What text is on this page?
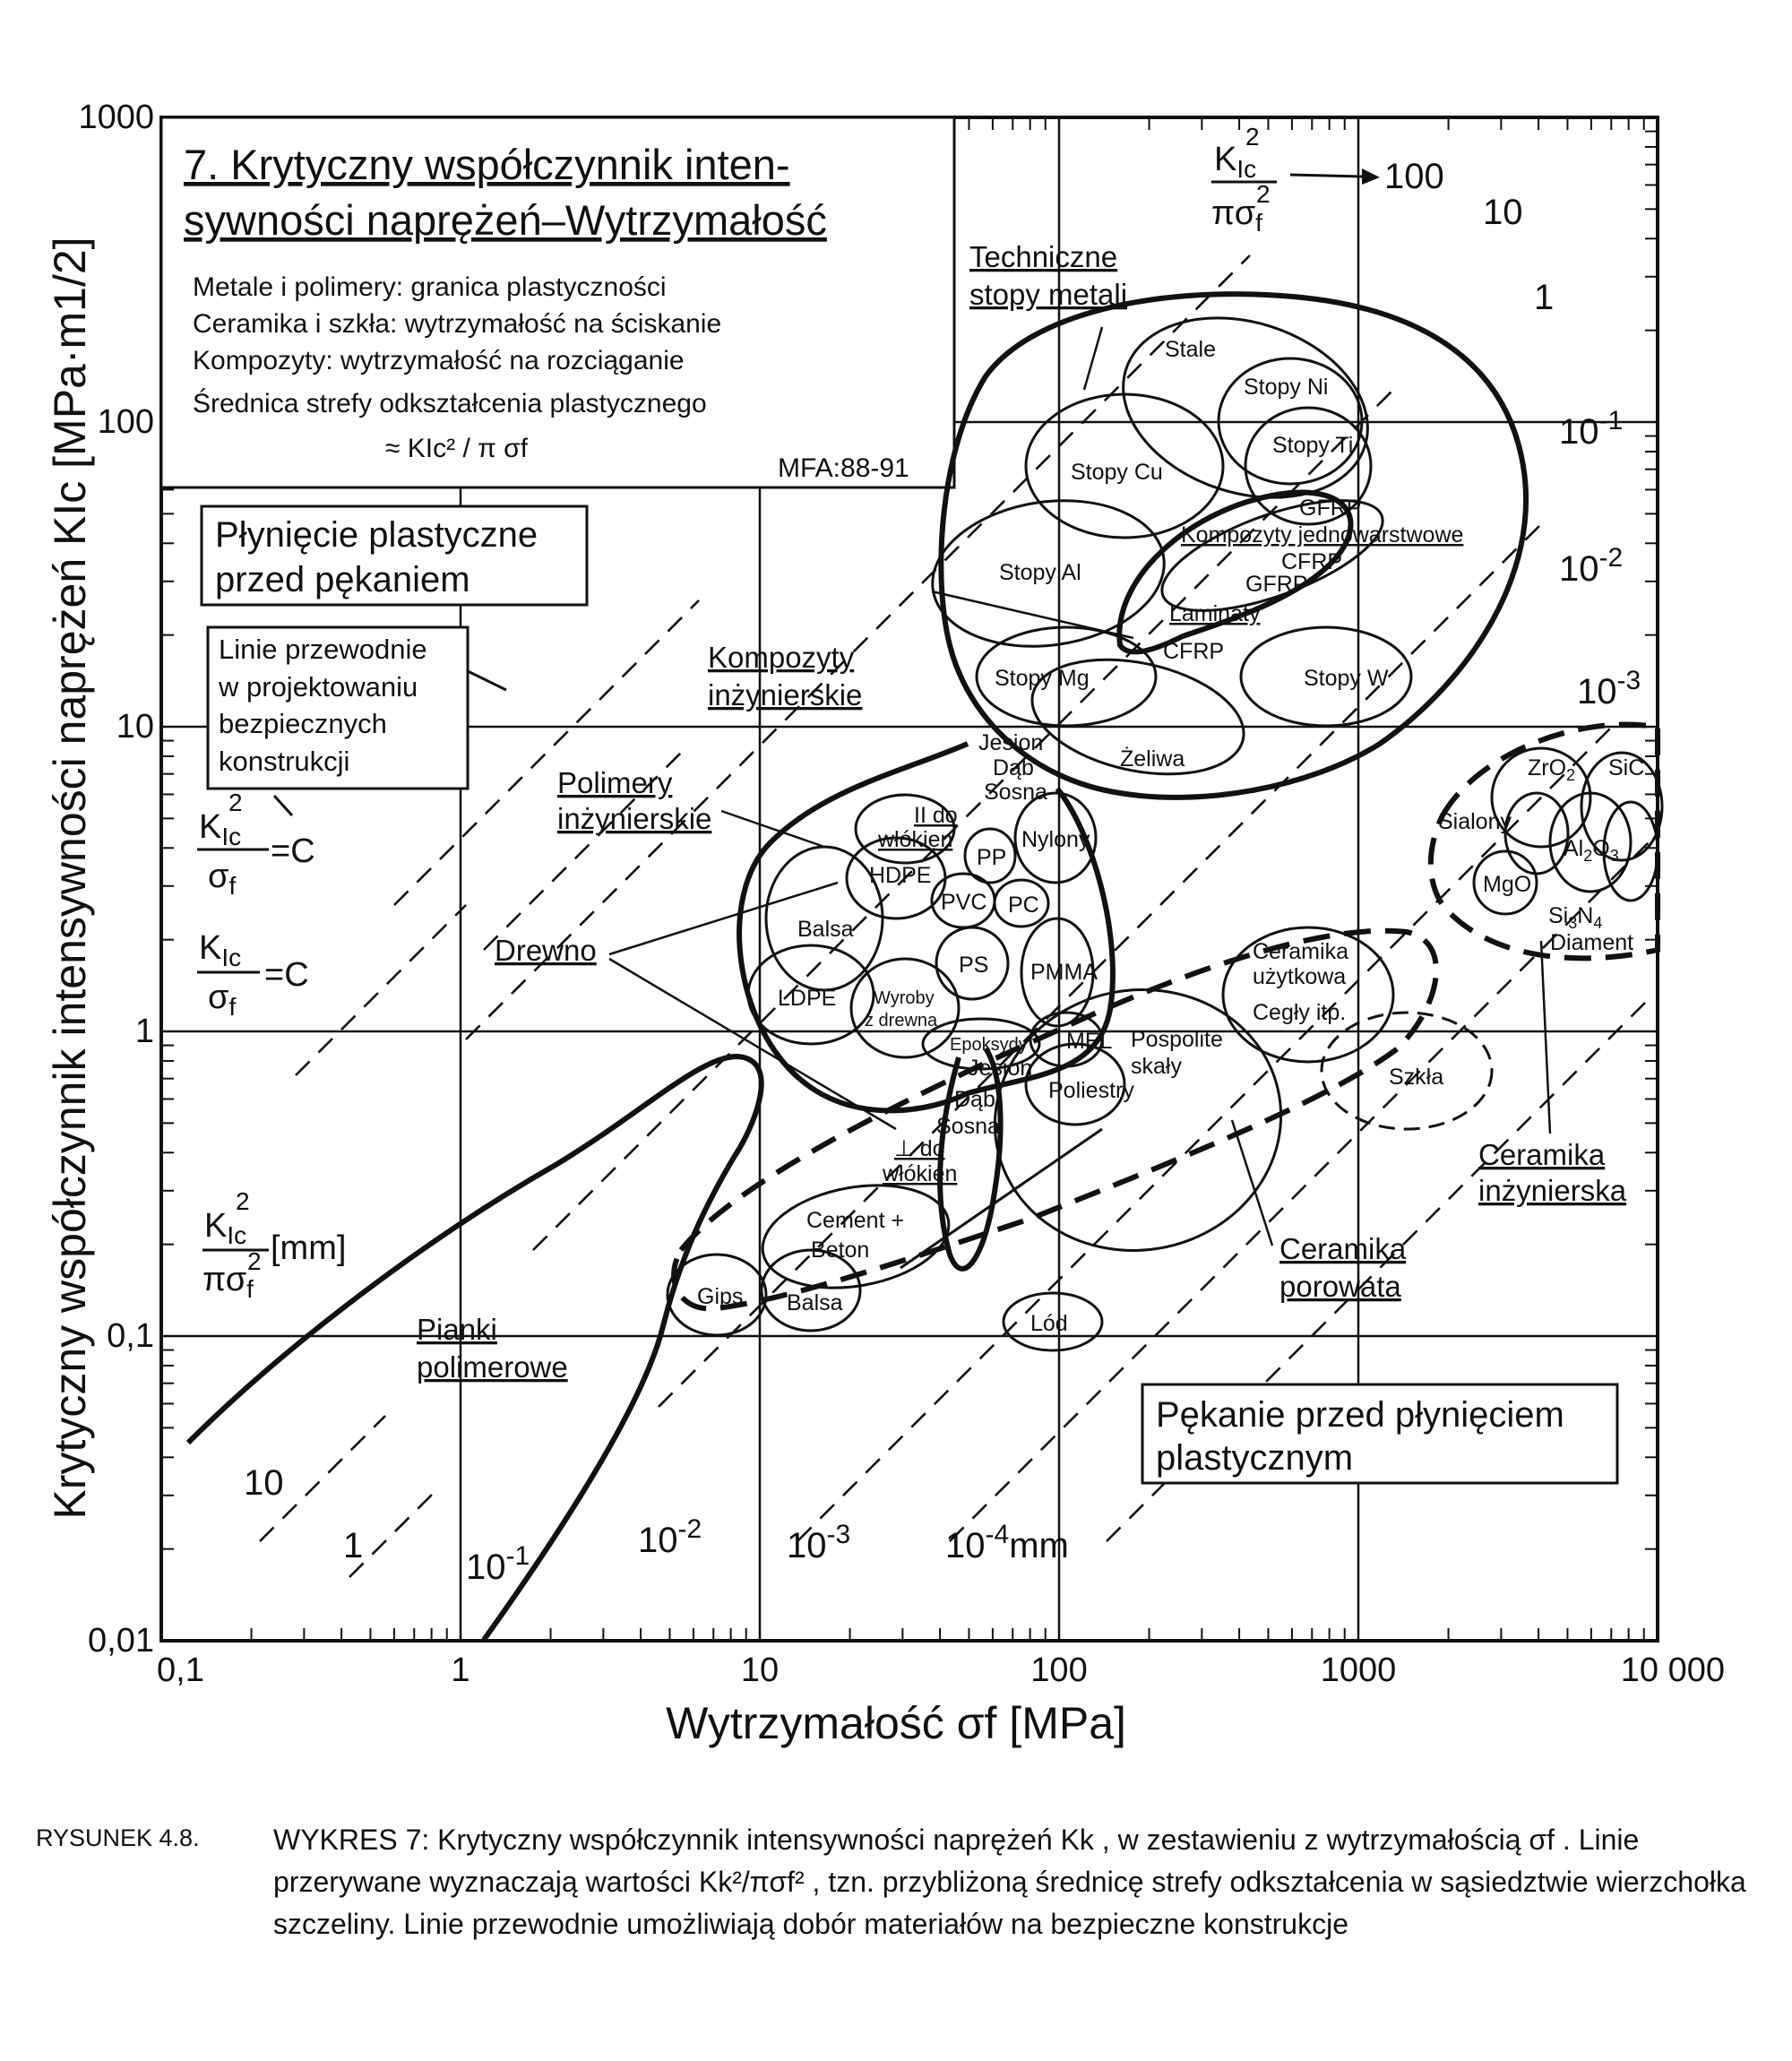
0,1	1	10	100	1000	10 000
0,01
0,1
1
10
100
1000
7. Krytyczny współczynnik inten-
sywności naprężeń–Wytrzymałość
Metale i polimery: granica plastyczności
Ceramika i szkła: wytrzymałość na ściskanie
Kompozyty: wytrzymałość na rozciąganie
Średnica strefy odkształcenia plastycznego
≈ KIc² / π σf
MFA:88-91
Płynięcie plastyczne
przed pękaniem
Linie przewodnie
w projektowaniu
bezpiecznych
konstrukcji
Pękanie przed płynięciem
plastycznym
$K_{Ic}$
2
$\sigma_f$
=C
$K_{Ic}$
$\sigma_f$
=C
$K_{Ic}$
2
$\pi\sigma_f$
2 [mm]
$K_{Ic}$
2
$\pi\sigma_f$
2	100
10
1
$10^{-1}$
$10^{-2}$
$10^{-3}$
10
1
$10^{-1}$	$10^{-2}$ $10^{-3}$	$10^{-4}mm$
Techniczne
stopy metali
Kompozyty
inżynierskie
Polimery
inżynierskie
Drewno
Pianki
polimerowe
Ceramika
inżynierska
Ceramika
porowata
Stale
Stopy Ni
Stopy Ti
Stopy Cu
GFRP
Kompozyty jednowarstwowe
CFRP
GFRP
Stopy Al
Laminaty
CFRP
Stopy Mg	Stopy W
Żeliwa
Jesion
Dąb
Sosna
II do
włókien
HDPE
PP
Nylony
PVC PC
Balsa
PS PMMA
LDPE Wyroby
z drewna
Epoksydy MEL
Jesion
Dąb
Sosna
Poliestry
⊥ do
włókien
Pospolite
skały
Ceramika
użytkowa
Cegły itp.
Szkła
Cement +
Beton
Gips Balsa
Lód
ZrO$_2$ SiC
Sialony
$Al_2O_3$
MgO
$Si_3N_4$
Diament
Wytrzymałość σf [MPa]
Krytyczny współczynnik intensywności naprężeń KIc [MPa·m1/2]
RYSUNEK 4.8.	WYKRES 7: Krytyczny współczynnik intensywności naprężeń Kk , w zestawieniu z wytrzymałością σf . Linie przerywane wyznaczają wartości Kk²/πσf² , tzn. przybliżoną średnicę strefy odkształcenia w sąsiedztwie wierzchołka szczeliny. Linie przewodnie umożliwiają dobór materiałów na bezpieczne konstrukcje
